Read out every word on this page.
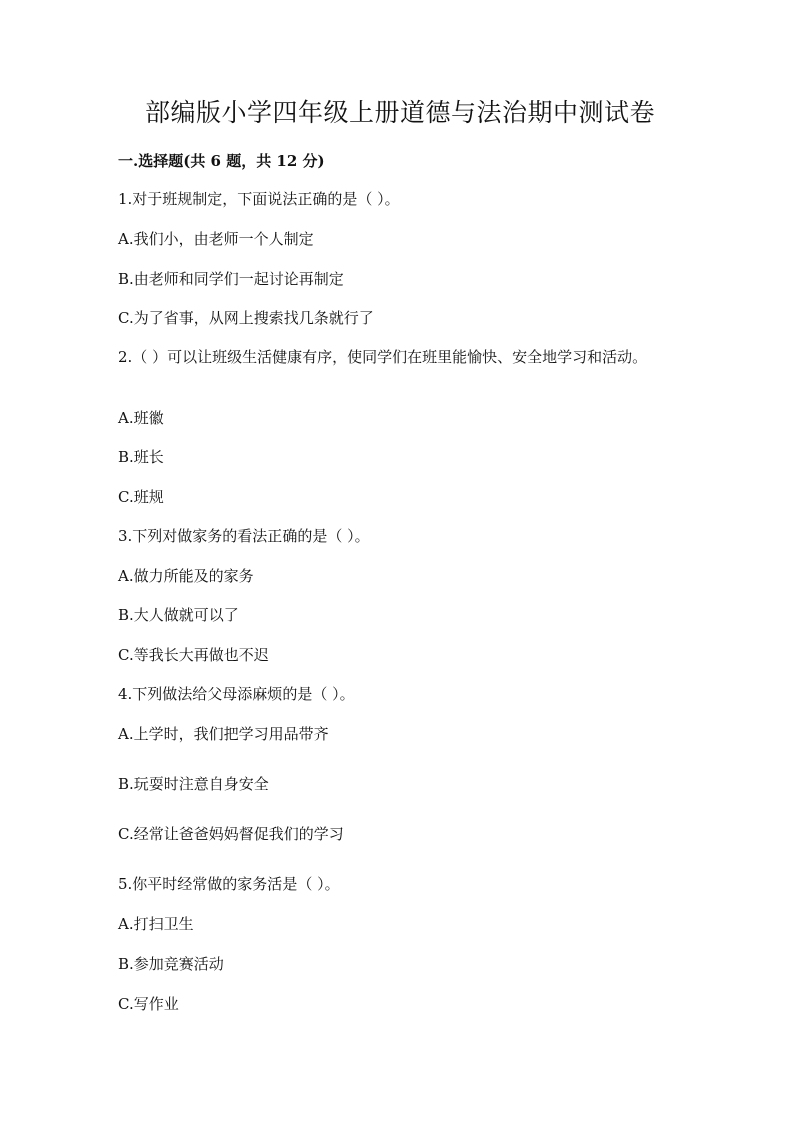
部编版小学四年级上册道德与法治期中测试卷
一.选择题(共 6 题，共 12 分)

1.对于班规制定，下面说法正确的是（ ）。

A.我们小，由老师一个人制定

B.由老师和同学们一起讨论再制定

C.为了省事，从网上搜索找几条就行了

2.（ ）可以让班级生活健康有序，使同学们在班里能愉快、安全地学习和活动。

A.班徽

B.班长

C.班规

3.下列对做家务的看法正确的是（ ）。

A.做力所能及的家务

B.大人做就可以了

C.等我长大再做也不迟

4.下列做法给父母添麻烦的是（ ）。

A.上学时，我们把学习用品带齐

B.玩耍时注意自身安全

C.经常让爸爸妈妈督促我们的学习

5.你平时经常做的家务活是（ ）。

A.打扫卫生

B.参加竞赛活动

C.写作业
